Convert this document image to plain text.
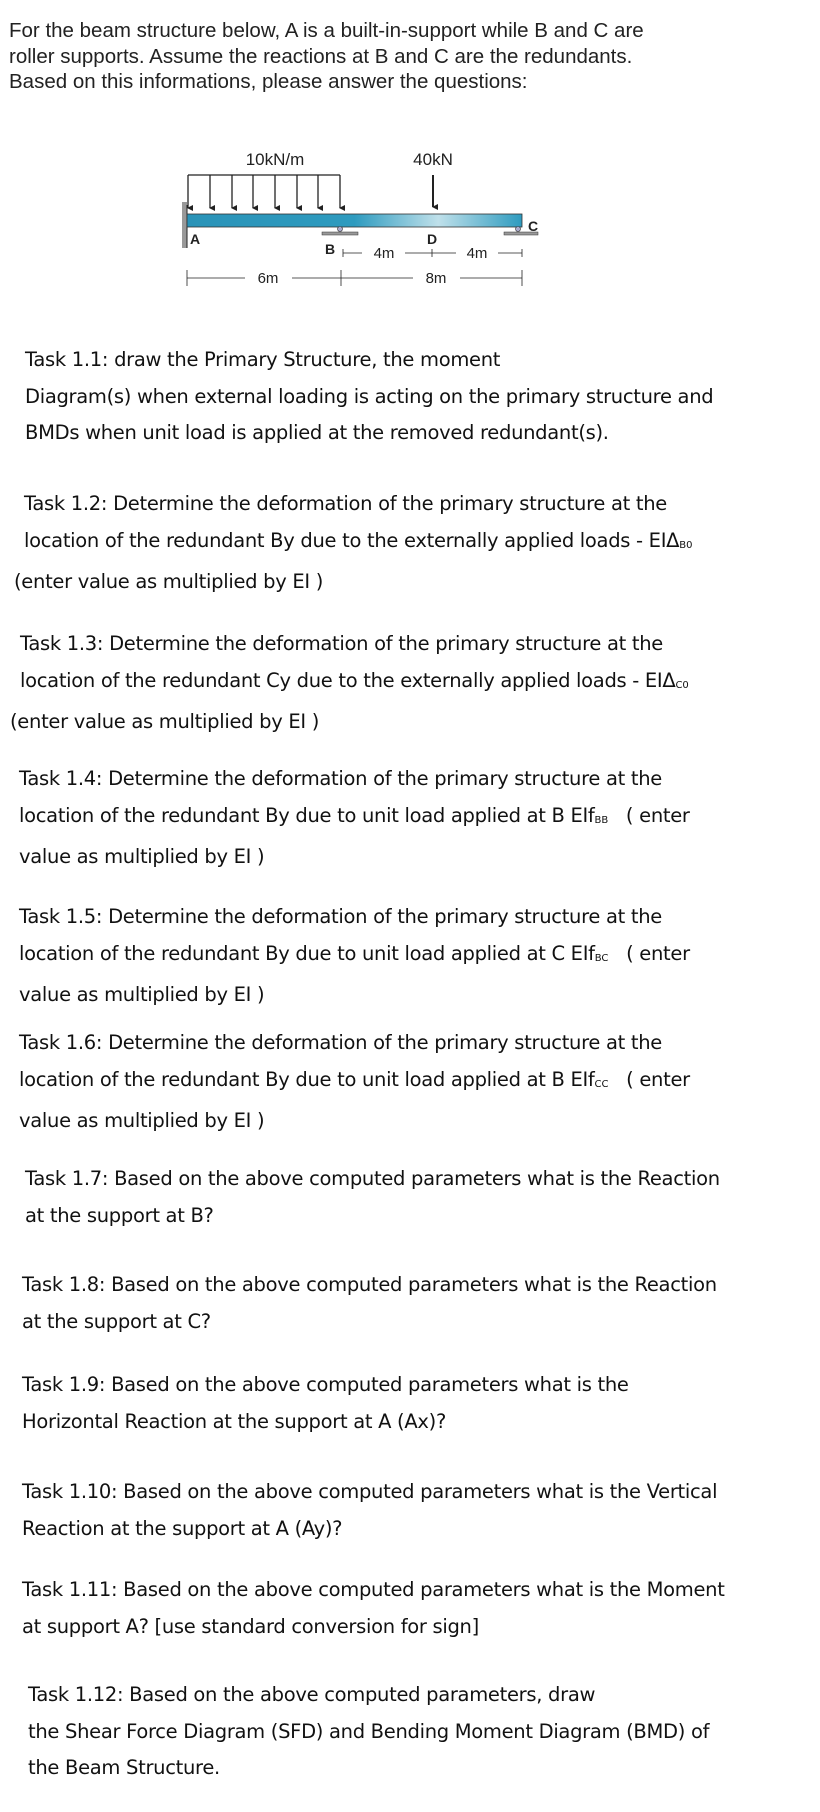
For the beam structure below, A is a built-in-support while B and C are
roller supports. Assume the reactions at B and C are the redundants.
Based on this informations, please answer the questions:
10kN/m	40kN
A
B
C
D
4m	4m
6m	8m

Task 1.1: draw the Primary Structure, the moment

Diagram(s) when external loading is acting on the primary structure and

BMDs when unit load is applied at the removed redundant(s).

Task 1.2: Determine the deformation of the primary structure at the

location of the redundant By due to the externally applied loads - $EI\Delta_{B0}$

(enter value as multiplied by EI )

Task 1.3: Determine the deformation of the primary structure at the

location of the redundant Cy due to the externally applied loads - $EI\Delta_{C0}$

(enter value as multiplied by EI )

Task 1.4: Determine the deformation of the primary structure at the

location of the redundant By due to unit load applied at B EIf$_{BB}$   ( enter

value as multiplied by EI )

Task 1.5: Determine the deformation of the primary structure at the

location of the redundant By due to unit load applied at C EIf$_{BC}$   ( enter

value as multiplied by EI )

Task 1.6: Determine the deformation of the primary structure at the

location of the redundant By due to unit load applied at B EIf$_{CC}$   ( enter

value as multiplied by EI )

Task 1.7: Based on the above computed parameters what is the Reaction

at the support at B?

Task 1.8: Based on the above computed parameters what is the Reaction

at the support at C?

Task 1.9: Based on the above computed parameters what is the

Horizontal Reaction at the support at A (Ax)?

Task 1.10: Based on the above computed parameters what is the Vertical

Reaction at the support at A (Ay)?

Task 1.11: Based on the above computed parameters what is the Moment

at support A? [use standard conversion for sign]

Task 1.12: Based on the above computed parameters, draw

the Shear Force Diagram (SFD) and Bending Moment Diagram (BMD) of

the Beam Structure.
